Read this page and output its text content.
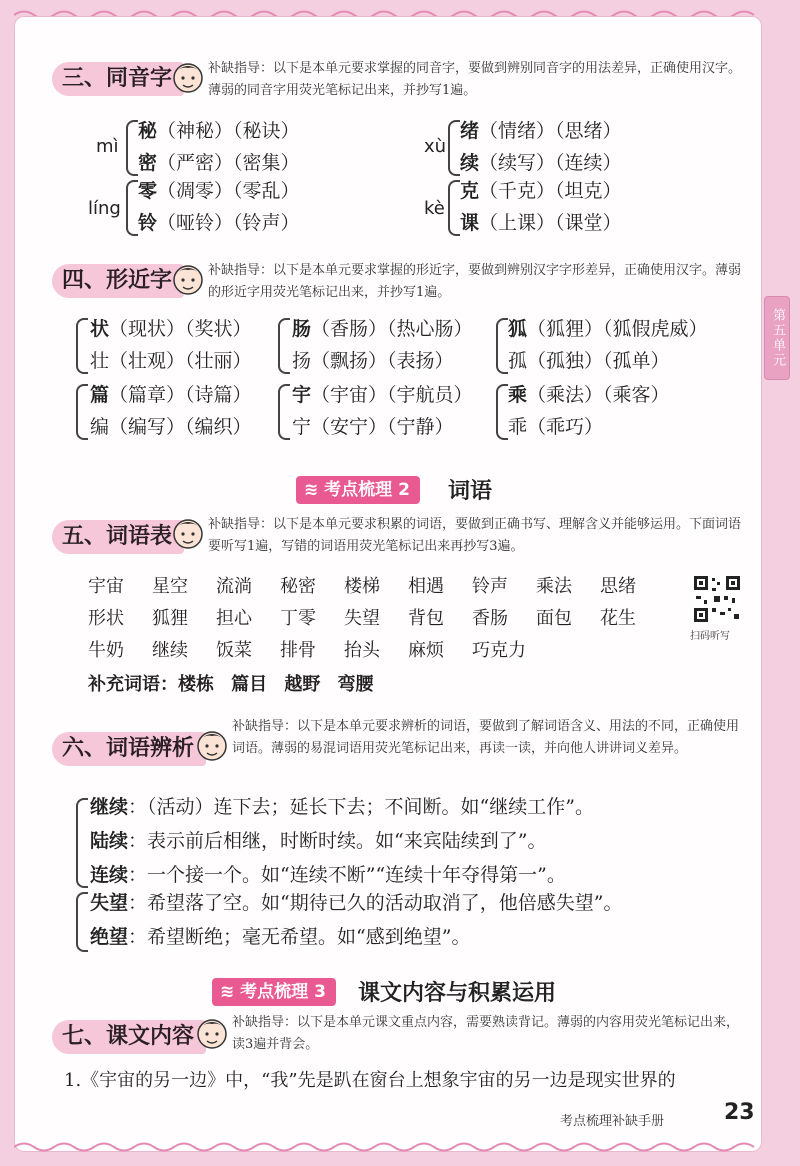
第五单元
三、同音字	补缺指导：以下是本单元要求掌握的同音字，要做到辨别同音字的用法差异，正确使用汉字。薄弱的同音字用荧光笔标记出来，并抄写1遍。
mì
秘（神秘）（秘诀）
密（严密）（密集）
xù
绪（情绪）（思绪）
续（续写）（连续）
líng
零（凋零）（零乱）
铃（哑铃）（铃声）
kè
克（千克）（坦克）
课（上课）（课堂）
四、形近字	补缺指导：以下是本单元要求掌握的形近字，要做到辨别汉字字形差异，正确使用汉字。薄弱的形近字用荧光笔标记出来，并抄写1遍。
状（现状）（奖状）
壮（壮观）（壮丽）
肠（香肠）（热心肠）
扬（飘扬）（表扬）
狐（狐狸）（狐假虎威）
孤（孤独）（孤单）
篇（篇章）（诗篇）
编（编写）（编织）
宇（宇宙）（宇航员）
宁（安宁）（宁静）
乘（乘法）（乘客）
乖（乖巧）
≋ 考点梳理 2	词语
五、词语表	补缺指导：以下是本单元要求积累的词语，要做到正确书写、理解含义并能够运用。下面词语要听写1遍，写错的词语用荧光笔标记出来再抄写3遍。
宇宙 星空 流淌 秘密 楼梯 相遇 铃声 乘法 思绪
形状 狐狸 担心 丁零 失望 背包 香肠 面包 花生
牛奶 继续 饭菜 排骨 抬头 麻烦 巧克力
补充词语：楼栋 篇目 越野 弯腰
扫码听写
六、词语辨析
补缺指导：以下是本单元要求辨析的词语，要做到了解词语含义、用法的不同，正确使用词语。薄弱的易混词语用荧光笔标记出来，再读一读，并向他人讲讲词义差异。
继续：（活动）连下去；延长下去；不间断。如“继续工作”。
陆续：表示前后相继，时断时续。如“来宾陆续到了”。
连续：一个接一个。如“连续不断”“连续十年夺得第一”。
失望：希望落了空。如“期待已久的活动取消了，他倍感失望”。
绝望：希望断绝；毫无希望。如“感到绝望”。
≋ 考点梳理 3	课文内容与积累运用
七、课文内容
补缺指导：以下是本单元课文重点内容，需要熟读背记。薄弱的内容用荧光笔标记出来，读3遍并背会。
1.《宇宙的另一边》中，“我”先是趴在窗台上想象宇宙的另一边是现实世界的
考点梳理补缺手册	23
